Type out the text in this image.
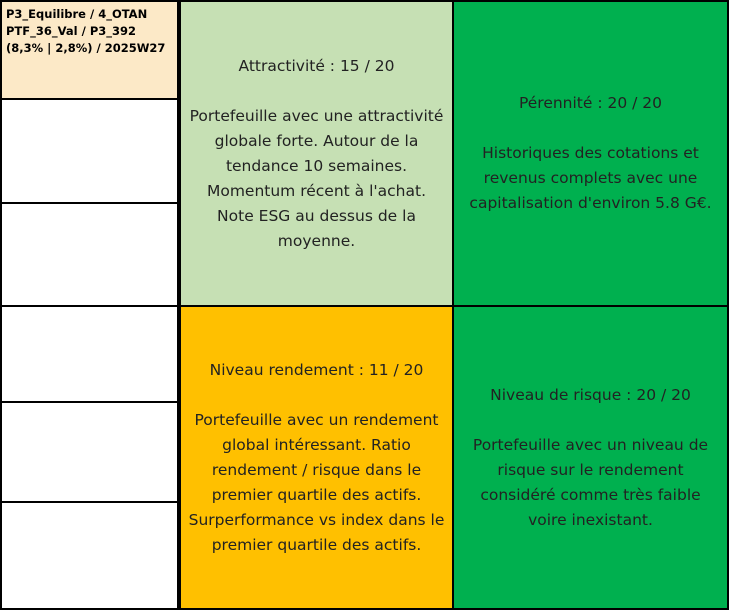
P3_Equilibre / 4_OTAN
PTF_36_Val / P3_392
(8,3% | 2,8%) / 2025W27
Attractivité : 15 / 20
Portefeuille avec une attractivité
globale forte. Autour de la
tendance 10 semaines.
Momentum récent à l'achat.
Note ESG au dessus de la
moyenne.
Pérennité : 20 / 20
Historiques des cotations et
revenus complets avec une
capitalisation d'environ 5.8 G€.
Niveau rendement : 11 / 20
Portefeuille avec un rendement
global intéressant. Ratio
rendement / risque dans le
premier quartile des actifs.
Surperformance vs index dans le
premier quartile des actifs.
Niveau de risque : 20 / 20
Portefeuille avec un niveau de
risque sur le rendement
considéré comme très faible
voire inexistant.
